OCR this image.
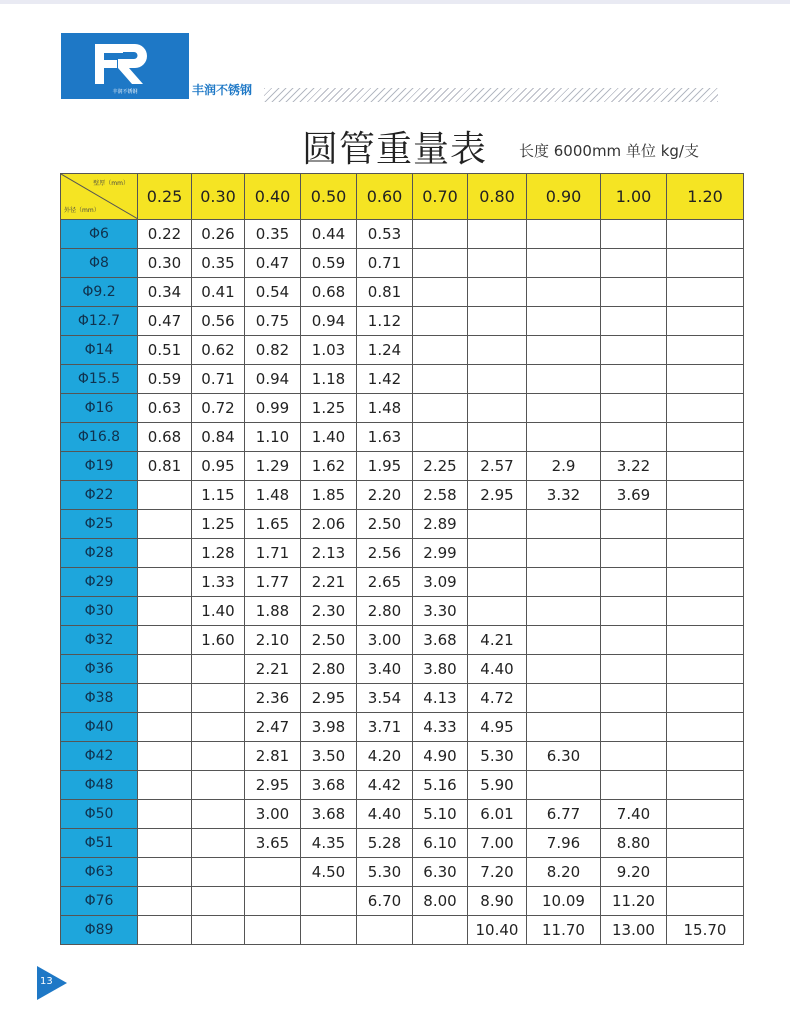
丰润不锈钢	丰润不锈钢
圆管重量表 长度 6000mm 单位 kg/支
壁厚（mm）
外径（mm）	0.25	0.30	0.40	0.50	0.60	0.70	0.80	0.90	1.00	1.20
Φ6	0.22	0.26	0.35	0.44	0.53					
Φ8	0.30	0.35	0.47	0.59	0.71					
Φ9.2	0.34	0.41	0.54	0.68	0.81					
Φ12.7	0.47	0.56	0.75	0.94	1.12					
Φ14	0.51	0.62	0.82	1.03	1.24					
Φ15.5	0.59	0.71	0.94	1.18	1.42					
Φ16	0.63	0.72	0.99	1.25	1.48					
Φ16.8	0.68	0.84	1.10	1.40	1.63					
Φ19	0.81	0.95	1.29	1.62	1.95	2.25	2.57	2.9	3.22	
Φ22		1.15	1.48	1.85	2.20	2.58	2.95	3.32	3.69	
Φ25		1.25	1.65	2.06	2.50	2.89				
Φ28		1.28	1.71	2.13	2.56	2.99				
Φ29		1.33	1.77	2.21	2.65	3.09				
Φ30		1.40	1.88	2.30	2.80	3.30				
Φ32		1.60	2.10	2.50	3.00	3.68	4.21			
Φ36			2.21	2.80	3.40	3.80	4.40			
Φ38			2.36	2.95	3.54	4.13	4.72			
Φ40			2.47	3.98	3.71	4.33	4.95			
Φ42			2.81	3.50	4.20	4.90	5.30	6.30		
Φ48			2.95	3.68	4.42	5.16	5.90			
Φ50			3.00	3.68	4.40	5.10	6.01	6.77	7.40	
Φ51			3.65	4.35	5.28	6.10	7.00	7.96	8.80	
Φ63				4.50	5.30	6.30	7.20	8.20	9.20	
Φ76					6.70	8.00	8.90	10.09	11.20	
Φ89							10.40	11.70	13.00	15.70
13
